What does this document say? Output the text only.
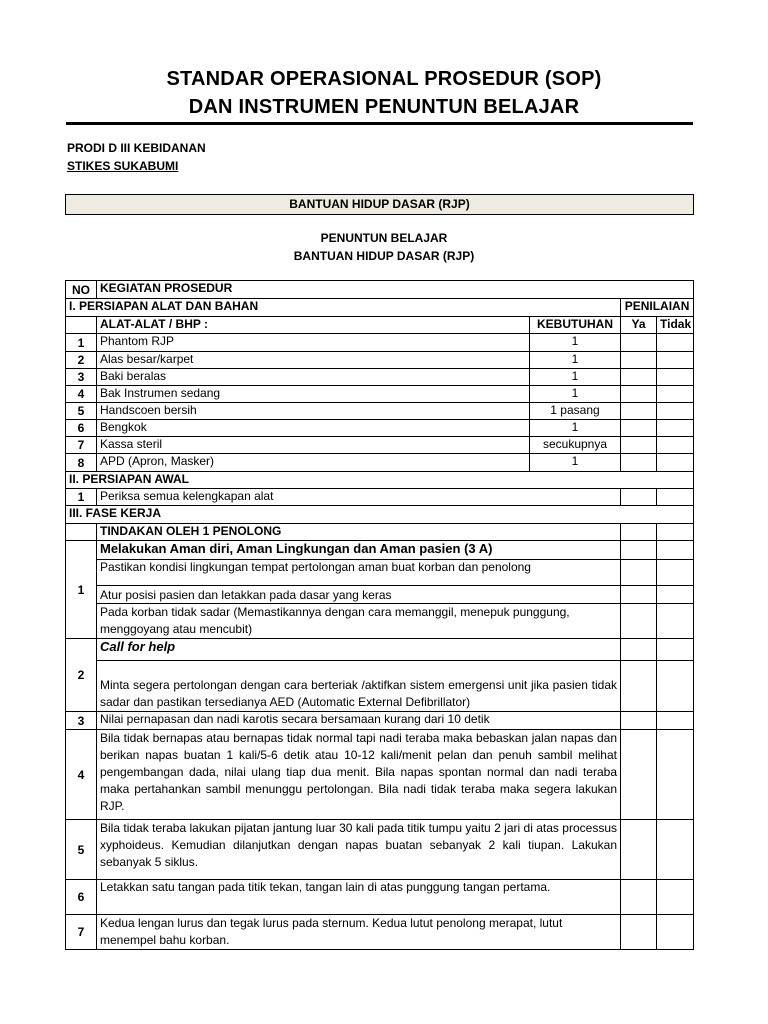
STANDAR OPERASIONAL PROSEDUR (SOP)
DAN INSTRUMEN PENUNTUN BELAJAR
PRODI D III KEBIDANAN
STIKES SUKABUMI
BANTUAN HIDUP DASAR (RJP)
PENUNTUN BELAJAR
BANTUAN HIDUP DASAR (RJP)
NO	KEGIATAN PROSEDUR			
I. PERSIAPAN ALAT DAN BAHAN			PENILAIAN	
	ALAT-ALAT / BHP :	KEBUTUHAN	Ya	Tidak
1	Phantom RJP	1		
2	Alas besar/karpet	1		
3	Baki beralas	1		
4	Bak Instrumen sedang	1		
5	Handscoen bersih	1 pasang		
6	Bengkok	1		
7	Kassa steril	secukupnya		
8	APD (Apron, Masker)	1		
II. PERSIAPAN AWAL				
1	Periksa semua kelengkapan alat			
III. FASE KERJA				
	TINDAKAN OLEH 1 PENOLONG			
1	Melakukan Aman diri, Aman Lingkungan dan Aman pasien (3 A)			
	Pastikan kondisi lingkungan tempat pertolongan aman buat korban dan penolong			
	Atur posisi pasien dan letakkan pada dasar yang keras			
	Pada korban tidak sadar (Memastikannya dengan cara memanggil, menepuk punggung, menggoyang atau mencubit)			
2	Call for help			
	Minta segera pertolongan dengan cara berteriak /aktifkan sistem emergensi unit jika pasien tidak sadar dan pastikan tersedianya AED (Automatic External Defibrillator)			
3	Nilai pernapasan dan nadi karotis secara bersamaan kurang dari 10 detik			
4	Bila tidak bernapas atau bernapas tidak normal tapi nadi teraba maka bebaskan jalan napas dan berikan napas buatan 1 kali/5-6 detik atau 10-12 kali/menit pelan dan penuh sambil melihat pengembangan dada, nilai ulang tiap dua menit. Bila napas spontan normal dan nadi teraba maka pertahankan sambil menunggu pertolongan. Bila nadi tidak teraba maka segera lakukan RJP.			
5	Bila tidak teraba lakukan pijatan jantung luar 30 kali pada titik tumpu yaitu 2 jari di atas processus xyphoideus. Kemudian dilanjutkan dengan napas buatan sebanyak 2 kali tiupan. Lakukan sebanyak 5 siklus.			
6	Letakkan satu tangan pada titik tekan, tangan lain di atas punggung tangan pertama.			
7	Kedua lengan lurus dan tegak lurus pada sternum. Kedua lutut penolong merapat, lutut menempel bahu korban.			
